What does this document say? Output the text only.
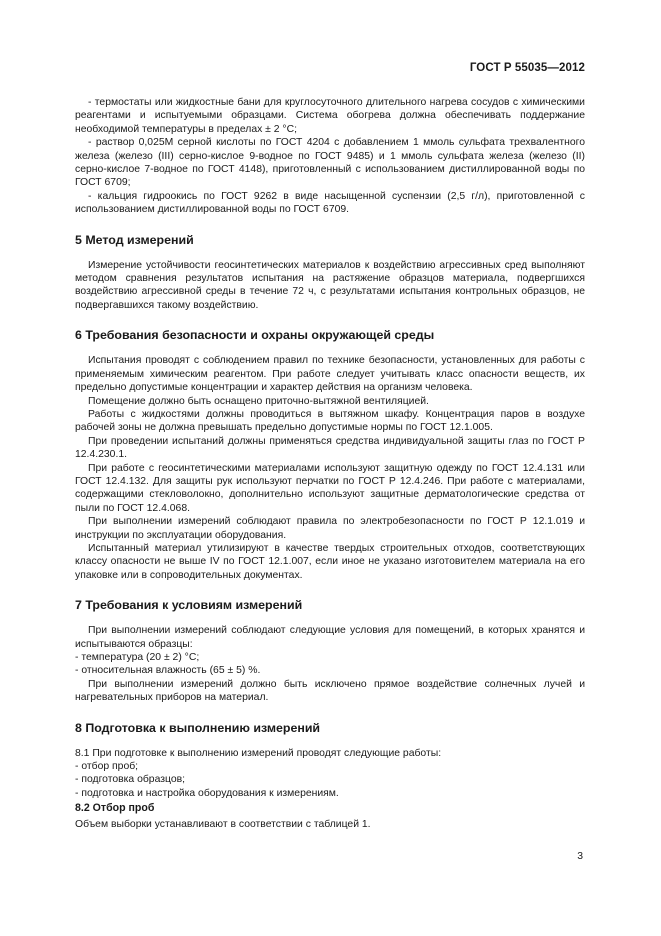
ГОСТ Р 55035—2012

- термостаты или жидкостные бани для круглосуточного длительного нагрева сосудов с химическими реагентами и испытуемыми образцами. Система обогрева должна обеспечивать поддержание необходимой температуры в пределах ± 2 °С;

- раствор 0,025М серной кислоты по ГОСТ 4204 с добавлением 1 ммоль сульфата трехвалентного железа (железо (III) серно-кислое 9-водное по ГОСТ 9485) и 1 ммоль сульфата железа (железо (II) серно-кислое 7-водное по ГОСТ 4148), приготовленный с использованием дистиллированной воды по ГОСТ 6709;

- кальция гидроокись по ГОСТ 9262 в виде насыщенной суспензии (2,5 г/л), приготовленной с использованием дистиллированной воды по ГОСТ 6709.

5 Метод измерений

Измерение устойчивости геосинтетических материалов к воздействию агрессивных сред выполняют методом сравнения результатов испытания на растяжение образцов материала, подвергшихся воздействию агрессивной среды в течение 72 ч, с результатами испытания контрольных образцов, не подвергавшихся такому воздействию.

6 Требования безопасности и охраны окружающей среды

Испытания проводят с соблюдением правил по технике безопасности, установленных для работы с применяемым химическим реагентом. При работе следует учитывать класс опасности веществ, их предельно допустимые концентрации и характер действия на организм человека.

Помещение должно быть оснащено приточно-вытяжной вентиляцией.

Работы с жидкостями должны проводиться в вытяжном шкафу. Концентрация паров в воздухе рабочей зоны не должна превышать предельно допустимые нормы по ГОСТ 12.1.005.

При проведении испытаний должны применяться средства индивидуальной защиты глаз по ГОСТ Р 12.4.230.1.

При работе с геосинтетическими материалами используют защитную одежду по ГОСТ 12.4.131 или ГОСТ 12.4.132. Для защиты рук используют перчатки по ГОСТ Р 12.4.246. При работе с материалами, содержащими стекловолокно, дополнительно используют защитные дерматологические средства от пыли по ГОСТ 12.4.068.

При выполнении измерений соблюдают правила по электробезопасности по ГОСТ Р 12.1.019 и инструкции по эксплуатации оборудования.

Испытанный материал утилизируют в качестве твердых строительных отходов, соответствующих классу опасности не выше IV по ГОСТ 12.1.007, если иное не указано изготовителем материала на его упаковке или в сопроводительных документах.

7 Требования к условиям измерений

При выполнении измерений соблюдают следующие условия для помещений, в которых хранятся и испытываются образцы:

- температура (20 ± 2) °С;

- относительная влажность (65 ± 5) %.

При выполнении измерений должно быть исключено прямое воздействие солнечных лучей и нагревательных приборов на материал.

8 Подготовка к выполнению измерений

8.1 При подготовке к выполнению измерений проводят следующие работы:

- отбор проб;

- подготовка образцов;

- подготовка и настройка оборудования к измерениям.

8.2 Отбор проб

Объем выборки устанавливают в соответствии с таблицей 1.

3
